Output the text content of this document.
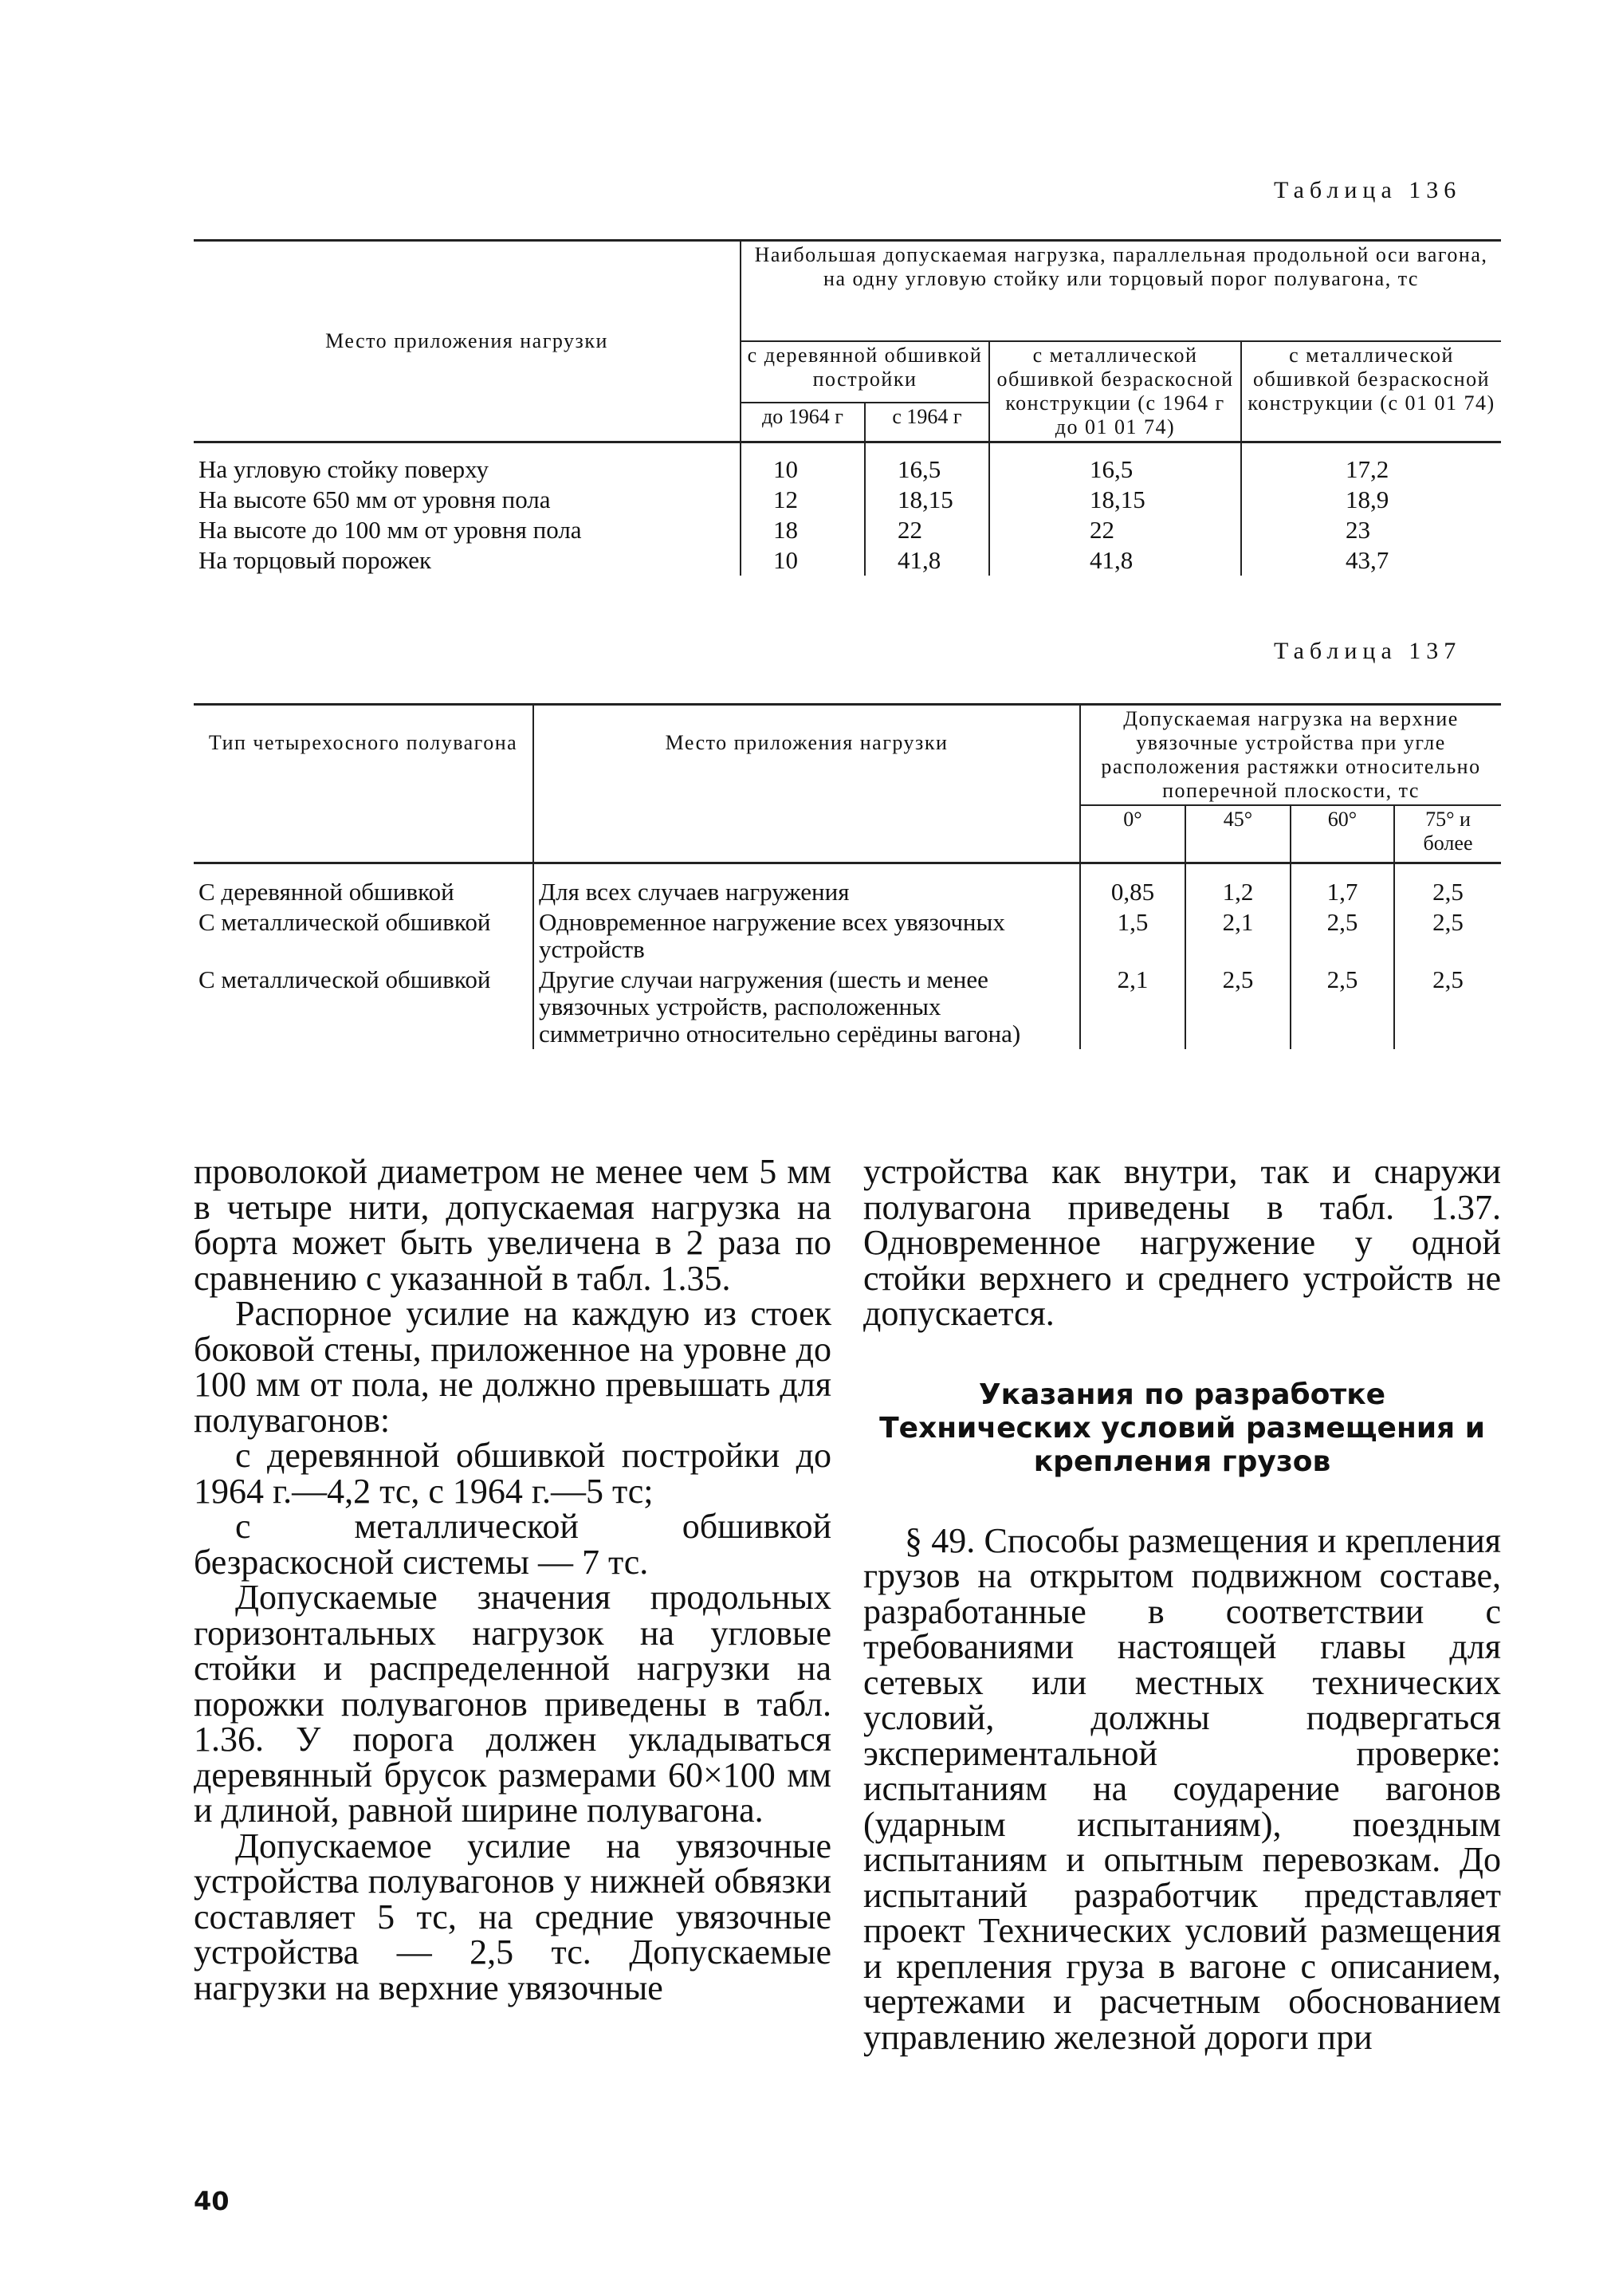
Таблица 136
Место приложения нагрузки	Наибольшая допускаемая нагрузка, параллельная продольной оси вагона, на одну угловую стойку или торцовый порог полувагона, тс			
	с деревянной обшивкой постройки		с металлической обшивкой безраскосной конструкции (с 1964 г до 01 01 74)	с металлической обшивкой безраскосной конструкции (с 01 01 74)
	до 1964 г	с 1964 г		
На угловую стойку поверху	10	16,5	16,5	17,2
На высоте 650 мм от уровня пола	12	18,15	18,15	18,9
На высоте до 100 мм от уровня пола	18	22	22	23
На торцовый порожек	10	41,8	41,8	43,7
Таблица 137
Тип четырехосного полувагона	Место приложения нагрузки	Допускаемая нагрузка на верхние увязочные устройства при угле расположения растяжки относительно поперечной плоскости, тс			
		0°	45°	60°	75° и более
С деревянной обшивкой	Для всех случаев нагружения	0,85	1,2	1,7	2,5
С металлической обшивкой	Одновременное нагружение всех увязочных устройств	1,5	2,1	2,5	2,5
С металлической обшивкой	Другие случаи нагружения (шесть и менее увязочных устройств, расположенных симметрично относительно серёдины вагона)	2,1	2,5	2,5	2,5

проволокой диаметром не менее чем 5 мм в четыре нити, допускаемая нагрузка на борта может быть увеличена в 2 раза по сравнению с указанной в табл. 1.35.

Распорное усилие на каждую из стоек боковой стены, приложенное на уровне до 100 мм от пола, не должно превышать для полувагонов:

с деревянной обшивкой постройки до 1964 г.—4,2 тс, с 1964 г.—5 тс;

с металлической обшивкой безраскосной системы — 7 тс.

Допускаемые значения продольных горизонтальных нагрузок на угловые стойки и распределенной нагрузки на порожки полувагонов приведены в табл. 1.36. У порога должен укладываться деревянный брусок размерами 60×100 мм и длиной, равной ширине полувагона.

Допускаемое усилие на увязочные устройства полувагонов у нижней обвязки составляет 5 тс, на средние увязочные устройства — 2,5 тс. Допускаемые нагрузки на верхние увязочные

устройства как внутри, так и снаружи полувагона приведены в табл. 1.37. Одновременное нагружение у одной стойки верхнего и среднего устройств не допускается.

Указания по разработке Технических условий размещения и крепления грузов

§ 49. Способы размещения и крепления грузов на открытом подвижном составе, разработанные в соответствии с требованиями настоящей главы для сетевых или местных технических условий, должны подвергаться экспериментальной проверке: испытаниям на соударение вагонов (ударным испытаниям), поездным испытаниям и опытным перевозкам. До испытаний разработчик представляет проект Технических условий размещения и крепления груза в вагоне с описанием, чертежами и расчетным обоснованием управлению железной дороги при

40
